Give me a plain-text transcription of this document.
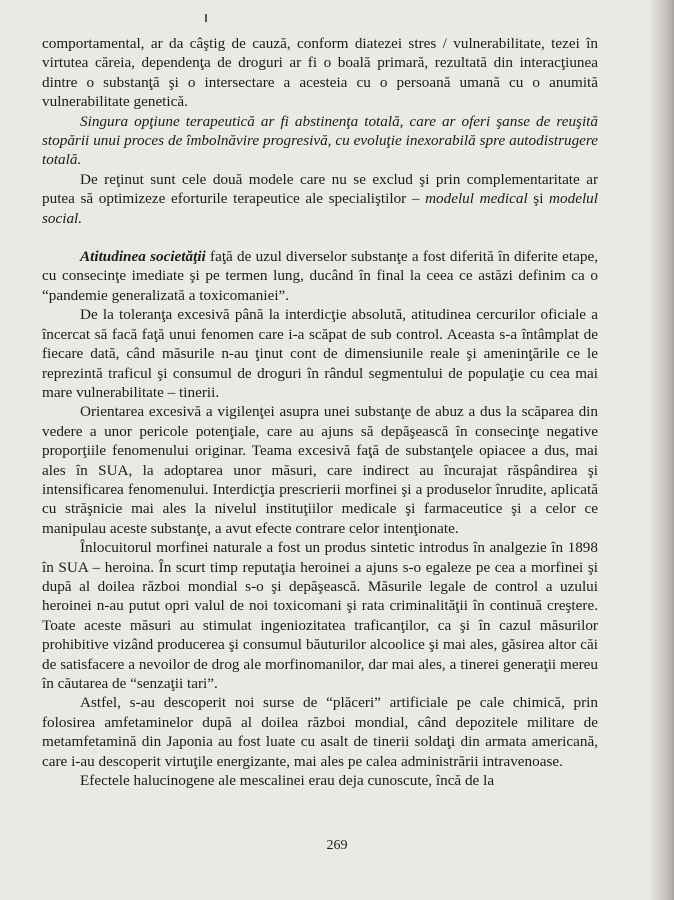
comportamental, ar da câştig de cauză, conform diatezei stres / vulnerabilitate, tezei în virtutea căreia, dependenţa de droguri ar fi o boală primară, rezultată din interacţiunea dintre o substanţă şi o intersectare a acesteia cu o persoană umană cu o anumită vulnerabilitate genetică.

Singura opţiune terapeutică ar fi abstinenţa totală, care ar oferi şanse de reuşită stopării unui proces de îmbolnăvire progresivă, cu evoluţie inexorabilă spre autodistrugere totală.

De reţinut sunt cele două modele care nu se exclud şi prin complementaritate ar putea să optimizeze eforturile terapeutice ale specialiştilor – modelul medical şi modelul social.

Atitudinea societăţii faţă de uzul diverselor substanţe a fost diferită în diferite etape, cu consecinţe imediate şi pe termen lung, ducând în final la ceea ce astăzi definim ca o “pandemie generalizată a toxicomaniei”.

De la toleranţa excesivă până la interdicţie absolută, atitudinea cercurilor oficiale a încercat să facă faţă unui fenomen care i-a scăpat de sub control. Aceasta s-a întâmplat de fiecare dată, când măsurile n-au ţinut cont de dimensiunile reale şi ameninţările ce le reprezintă traficul şi consumul de droguri în rândul segmentului de populaţie cu cea mai mare vulnerabilitate – tinerii.

Orientarea excesivă a vigilenţei asupra unei substanţe de abuz a dus la scăparea din vedere a unor pericole potenţiale, care au ajuns să depăşească în consecinţe negative proporţiile fenomenului originar. Teama excesivă faţă de substanţele opiacee a dus, mai ales în SUA, la adoptarea unor măsuri, care indirect au încurajat răspândirea şi intensificarea fenomenului. Interdicţia prescrierii morfinei şi a produselor înrudite, aplicată cu străşnicie mai ales la nivelul instituţiilor medicale şi farmaceutice şi a celor ce manipulau aceste substanţe, a avut efecte contrare celor intenţionate.

Înlocuitorul morfinei naturale a fost un produs sintetic introdus în analgezie în 1898 în SUA – heroina. În scurt timp reputaţia heroinei a ajuns s-o egaleze pe cea a morfinei şi după al doilea război mondial s-o şi depăşească. Măsurile legale de control a uzului heroinei n-au putut opri valul de noi toxicomani şi rata criminalităţii în continuă creştere. Toate aceste măsuri au stimulat ingeniozitatea traficanţilor, ca şi în cazul măsurilor prohibitive vizând producerea şi consumul băuturilor alcoolice şi mai ales, găsirea altor căi de satisfacere a nevoilor de drog ale morfinomanilor, dar mai ales, a tinerei generaţii mereu în căutarea de “senzaţii tari”.

Astfel, s-au descoperit noi surse de “plăceri” artificiale pe cale chimică, prin folosirea amfetaminelor după al doilea război mondial, când depozitele militare de metamfetamină din Japonia au fost luate cu asalt de tinerii soldaţi din armata americană, care i-au descoperit virtuţile energizante, mai ales pe calea administrării intravenoase.

Efectele halucinogene ale mescalinei erau deja cunoscute, încă de la

269
